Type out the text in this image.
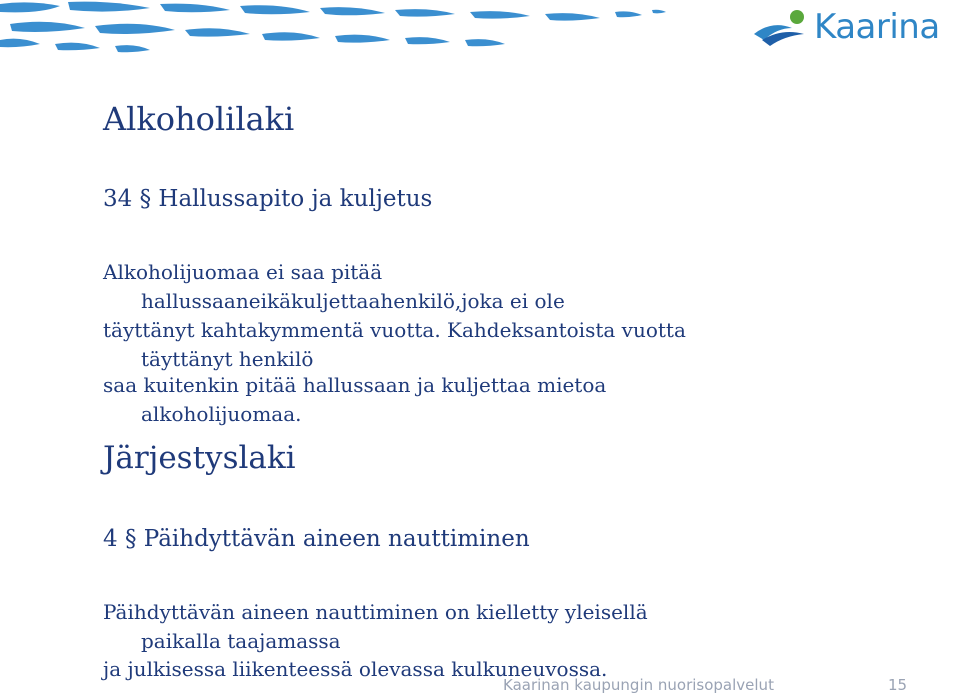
Kaarina
Alkoholilaki
34 § Hallussapito ja kuljetus
Alkoholijuomaa ei saa pitää
hallussaaneikäkuljettaahenkilö,joka ei ole
täyttänyt kahtakymmentä vuotta. Kahdeksantoista vuotta
täyttänyt henkilö
saa kuitenkin pitää hallussaan ja kuljettaa mietoa
alkoholijuomaa.
Järjestyslaki
4 § Päihdyttävän aineen nauttiminen
Päihdyttävän aineen nauttiminen on kielletty yleisellä
paikalla taajamassa
ja julkisessa liikenteessä olevassa kulkuneuvossa.
Kaarinan kaupungin nuorisopalvelut	15
